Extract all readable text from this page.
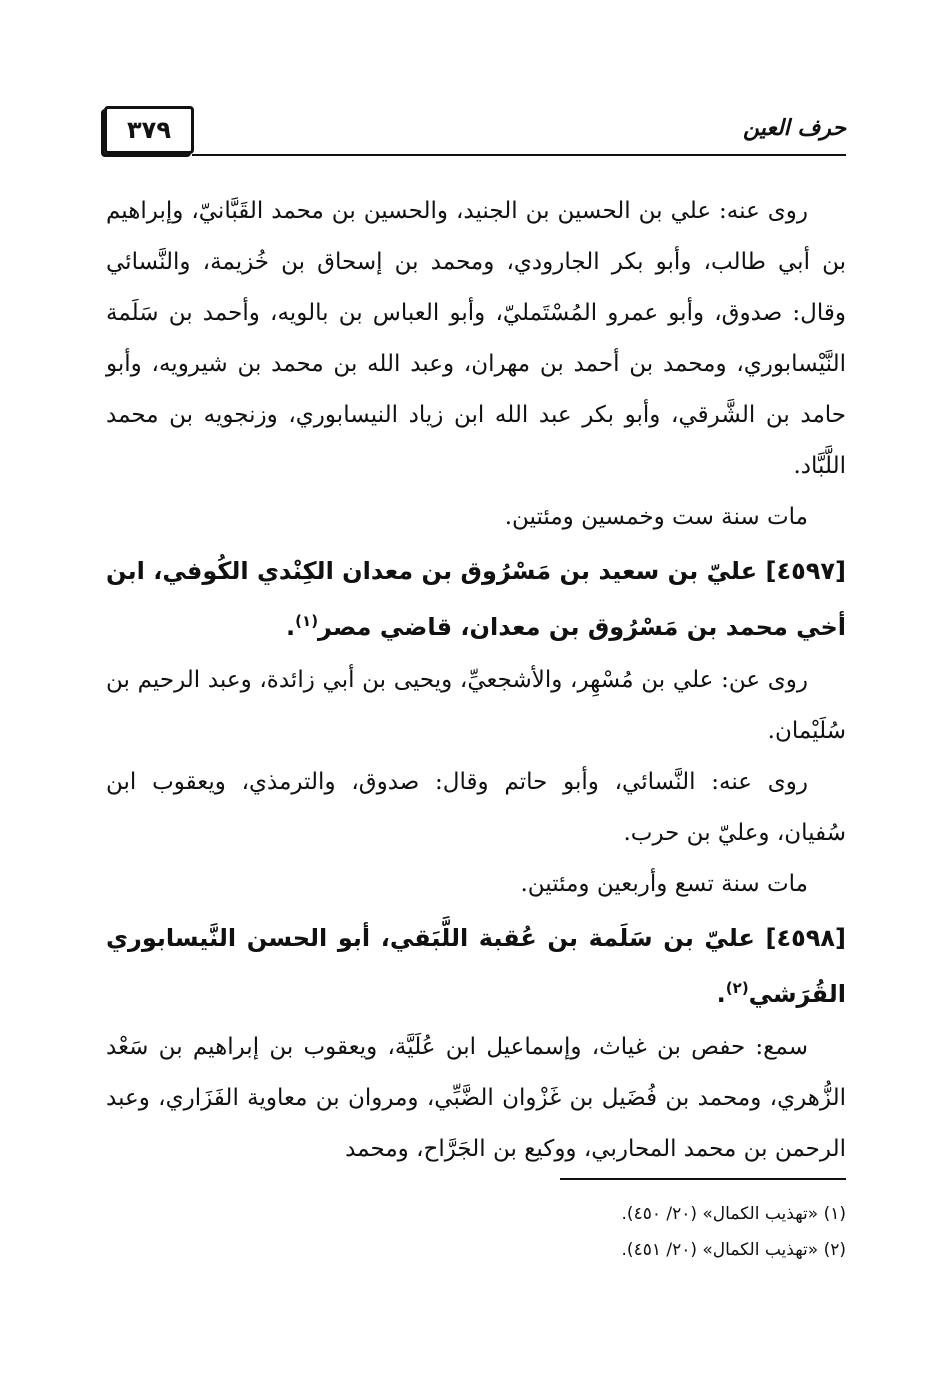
٣٧٩	حرف العين

روى عنه: علي بن الحسين بن الجنيد، والحسين بن محمد القَبَّانيّ، وإبراهيم بن أبي طالب، وأبو بكر الجارودي، ومحمد بن إسحاق بن خُزيمة، والنَّسائي وقال: صدوق، وأبو عمرو المُسْتَمليّ، وأبو العباس بن بالويه، وأحمد بن سَلَمة النَّيْسابوري، ومحمد بن أحمد بن مهران، وعبد الله بن محمد بن شيرويه، وأبو حامد بن الشَّرقي، وأبو بكر عبد الله ابن زياد النيسابوري، وزنجويه بن محمد اللَّبَّاد.

مات سنة ست وخمسين ومئتين.

[٤٥٩٧] عليّ بن سعيد بن مَسْرُوق بن معدان الكِنْدي الكُوفي، ابن أخي محمد بن مَسْرُوق بن معدان، قاضي مصر$^{(١)}$.

روى عن: علي بن مُسْهِر، والأشجعيِّ، ويحيى بن أبي زائدة، وعبد الرحيم بن سُلَيْمان.

روى عنه: النَّسائي، وأبو حاتم وقال: صدوق، والترمذي، ويعقوب ابن سُفيان، وعليّ بن حرب.

مات سنة تسع وأربعين ومئتين.

[٤٥٩٨] عليّ بن سَلَمة بن عُقبة اللَّبَقي، أبو الحسن النَّيسابوري القُرَشي$^{(٢)}$.

سمع: حفص بن غياث، وإسماعيل ابن عُلَيَّة، ويعقوب بن إبراهيم بن سَعْد الزُّهري، ومحمد بن فُضَيل بن غَزْوان الضَّبِّي، ومروان بن معاوية الفَزَاري، وعبد الرحمن بن محمد المحاربي، ووكيع بن الجَرَّاح، ومحمد

(١) «تهذيب الكمال» (٢٠/ ٤٥٠).

(٢) «تهذيب الكمال» (٢٠/ ٤٥١).
